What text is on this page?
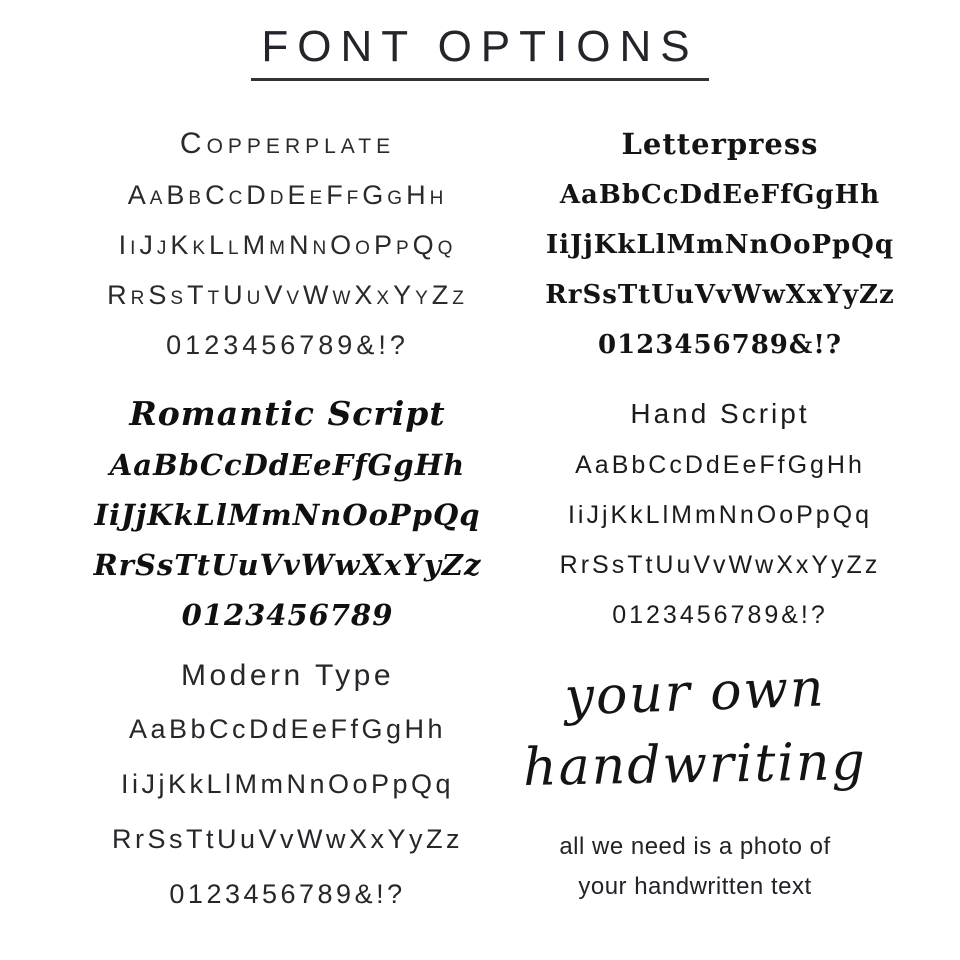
FONT OPTIONS
Copperplate
AaBbCcDdEeFfGgHh
IiJjKkLlMmNnOoPpQq
RrSsTtUuVvWwXxYyZz
0123456789&!?
Letterpress
AaBbCcDdEeFfGgHh
IiJjKkLlMmNnOoPpQq
RrSsTtUuVvWwXxYyZz
0123456789&!?
Romantic Script
AaBbCcDdEeFfGgHh
IiJjKkLlMmNnOoPpQq
RrSsTtUuVvWwXxYyZz
0123456789
Hand Script
AaBbCcDdEeFfGgHh
IiJjKkLlMmNnOoPpQq
RrSsTtUuVvWwXxYyZz
0123456789&!?
Modern Type
AaBbCcDdEeFfGgHh
IiJjKkLlMmNnOoPpQq
RrSsTtUuVvWwXxYyZz
0123456789&!?
your own
handwriting
all we need is a photo of
your handwritten text
